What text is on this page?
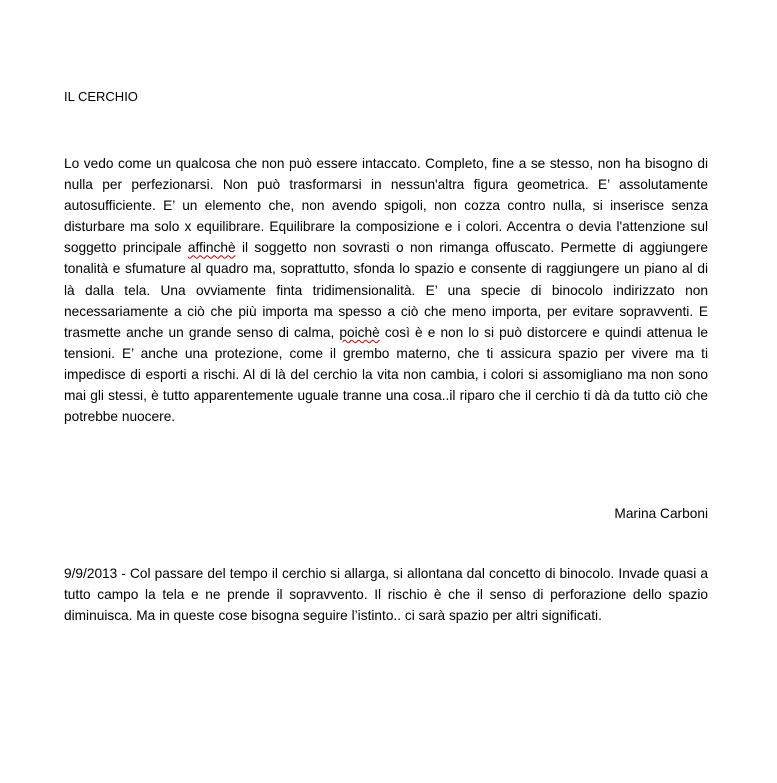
IL CERCHIO
Lo vedo come un qualcosa che non può essere intaccato. Completo, fine a se stesso, non ha bisogno di nulla per perfezionarsi. Non può trasformarsi in nessun'altra figura geometrica. E’ assolutamente autosufficiente. E’ un elemento che, non avendo spigoli, non cozza contro nulla, si inserisce senza disturbare ma solo x equilibrare. Equilibrare la composizione e i colori. Accentra o devia l'attenzione sul soggetto principale affinchè il soggetto non sovrasti o non rimanga offuscato. Permette di aggiungere tonalità e sfumature al quadro ma, soprattutto, sfonda lo spazio e consente di raggiungere un piano al di là dalla tela. Una ovviamente finta tridimensionalità. E’ una specie di binocolo indirizzato non necessariamente a ciò che più importa ma spesso a ciò che meno importa, per evitare sopravventi. E trasmette anche un grande senso di calma, poichè così è e non lo si può distorcere e quindi attenua le tensioni. E’ anche una protezione, come il grembo materno, che ti assicura spazio per vivere ma ti impedisce di esporti a rischi. Al di là del cerchio la vita non cambia, i colori si assomigliano ma non sono mai gli stessi, è tutto apparentemente uguale tranne una cosa..il riparo che il cerchio ti dà da tutto ciò che potrebbe nuocere.
Marina Carboni
9/9/2013 - Col passare del tempo il cerchio si allarga, si allontana dal concetto di binocolo. Invade quasi a tutto campo la tela e ne prende il sopravvento. Il rischio è che il senso di perforazione dello spazio diminuisca. Ma in queste cose bisogna seguire l’istinto.. ci sarà spazio per altri significati.
